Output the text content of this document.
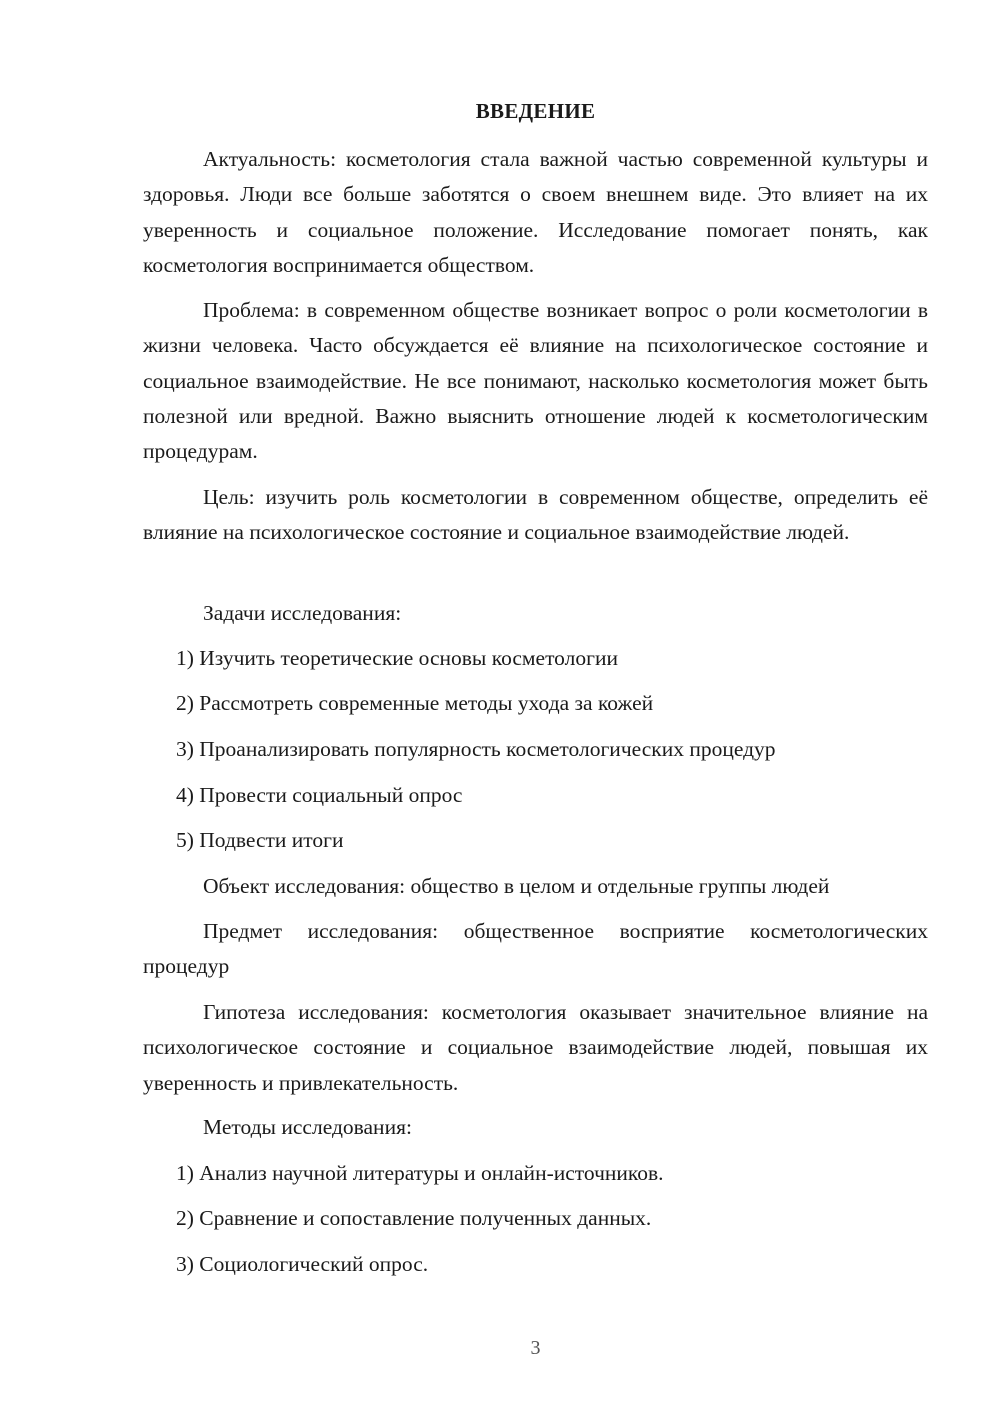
ВВЕДЕНИЕ

Актуальность: косметология стала важной частью современной культуры и здоровья. Люди все больше заботятся о своем внешнем виде. Это влияет на их уверенность и социальное положение. Исследование помогает понять, как косметология воспринимается обществом.

Проблема: в современном обществе возникает вопрос о роли косметологии в жизни человека. Часто обсуждается её влияние на психологическое состояние и социальное взаимодействие. Не все понимают, насколько косметология может быть полезной или вредной. Важно выяснить отношение людей к косметологическим процедурам.

Цель: изучить роль косметологии в современном обществе, определить её влияние на психологическое состояние и социальное взаимодействие людей.

Задачи исследования:

1) Изучить теоретические основы косметологии

2) Рассмотреть современные методы ухода за кожей

3) Проанализировать популярность косметологических процедур

4) Провести социальный опрос

5) Подвести итоги

Объект исследования: общество в целом и отдельные группы людей

Предмет исследования: общественное восприятие косметологических процедур

Гипотеза исследования: косметология оказывает значительное влияние на психологическое состояние и социальное взаимодействие людей, повышая их уверенность и привлекательность.

Методы исследования:

1) Анализ научной литературы и онлайн-источников.

2) Сравнение и сопоставление полученных данных.

3) Социологический опрос.

3
